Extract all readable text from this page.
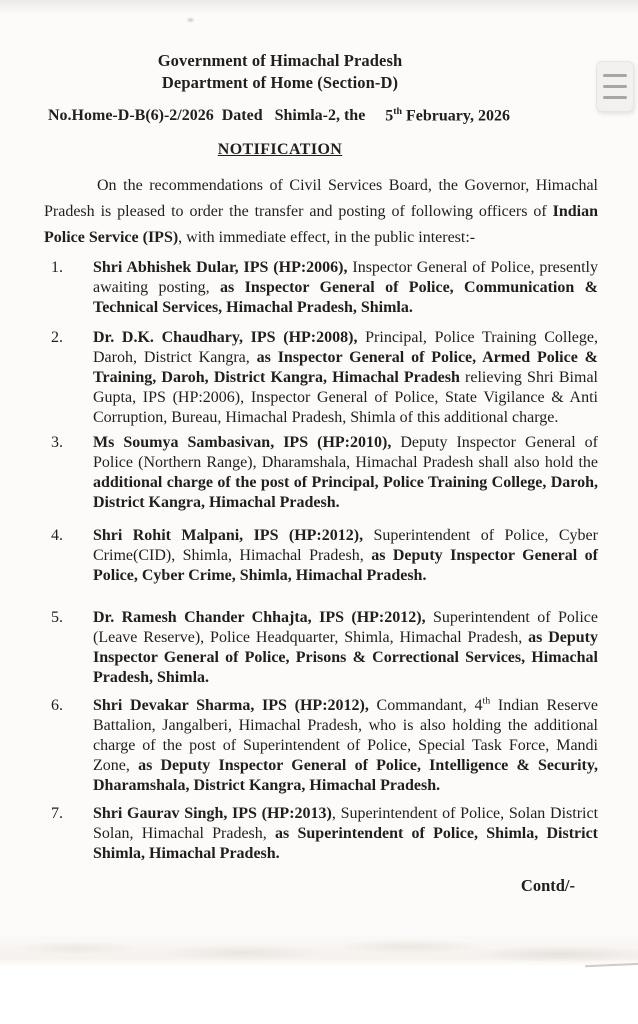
Government of Himachal Pradesh
Department of Home (Section-D)
No.Home-D-B(6)-2/2026  Dated   Shimla-2, the 5th February, 2026
NOTIFICATION

On the recommendations of Civil Services Board, the Governor, Himachal Pradesh is pleased to order the transfer and posting of following officers of Indian Police Service (IPS), with immediate effect, in the public interest:-

1.	Shri Abhishek Dular, IPS (HP:2006), Inspector General of Police, presently awaiting posting, as Inspector General of Police, Communication & Technical Services, Himachal Pradesh, Shimla.
2.	Dr. D.K. Chaudhary, IPS (HP:2008), Principal, Police Training College, Daroh, District Kangra, as Inspector General of Police, Armed Police & Training, Daroh, District Kangra, Himachal Pradesh relieving Shri Bimal Gupta, IPS (HP:2006), Inspector General of Police, State Vigilance & Anti Corruption, Bureau, Himachal Pradesh, Shimla of this additional charge.
3.	Ms Soumya Sambasivan, IPS (HP:2010), Deputy Inspector General of Police (Northern Range), Dharamshala, Himachal Pradesh shall also hold the additional charge of the post of Principal, Police Training College, Daroh, District Kangra, Himachal Pradesh.
4.	Shri Rohit Malpani, IPS (HP:2012), Superintendent of Police, Cyber Crime(CID), Shimla, Himachal Pradesh, as Deputy Inspector General of Police, Cyber Crime, Shimla, Himachal Pradesh.
5.	Dr. Ramesh Chander Chhajta, IPS (HP:2012), Superintendent of Police (Leave Reserve), Police Headquarter, Shimla, Himachal Pradesh, as Deputy Inspector General of Police, Prisons & Correctional Services, Himachal Pradesh, Shimla.
6.	Shri Devakar Sharma, IPS (HP:2012), Commandant, 4th Indian Reserve Battalion, Jangalberi, Himachal Pradesh, who is also holding the additional charge of the post of Superintendent of Police, Special Task Force, Mandi Zone, as Deputy Inspector General of Police, Intelligence & Security, Dharamshala, District Kangra, Himachal Pradesh.
7.	Shri Gaurav Singh, IPS (HP:2013), Superintendent of Police, Solan District Solan, Himachal Pradesh, as Superintendent of Police, Shimla, District Shimla, Himachal Pradesh.
Contd/-
